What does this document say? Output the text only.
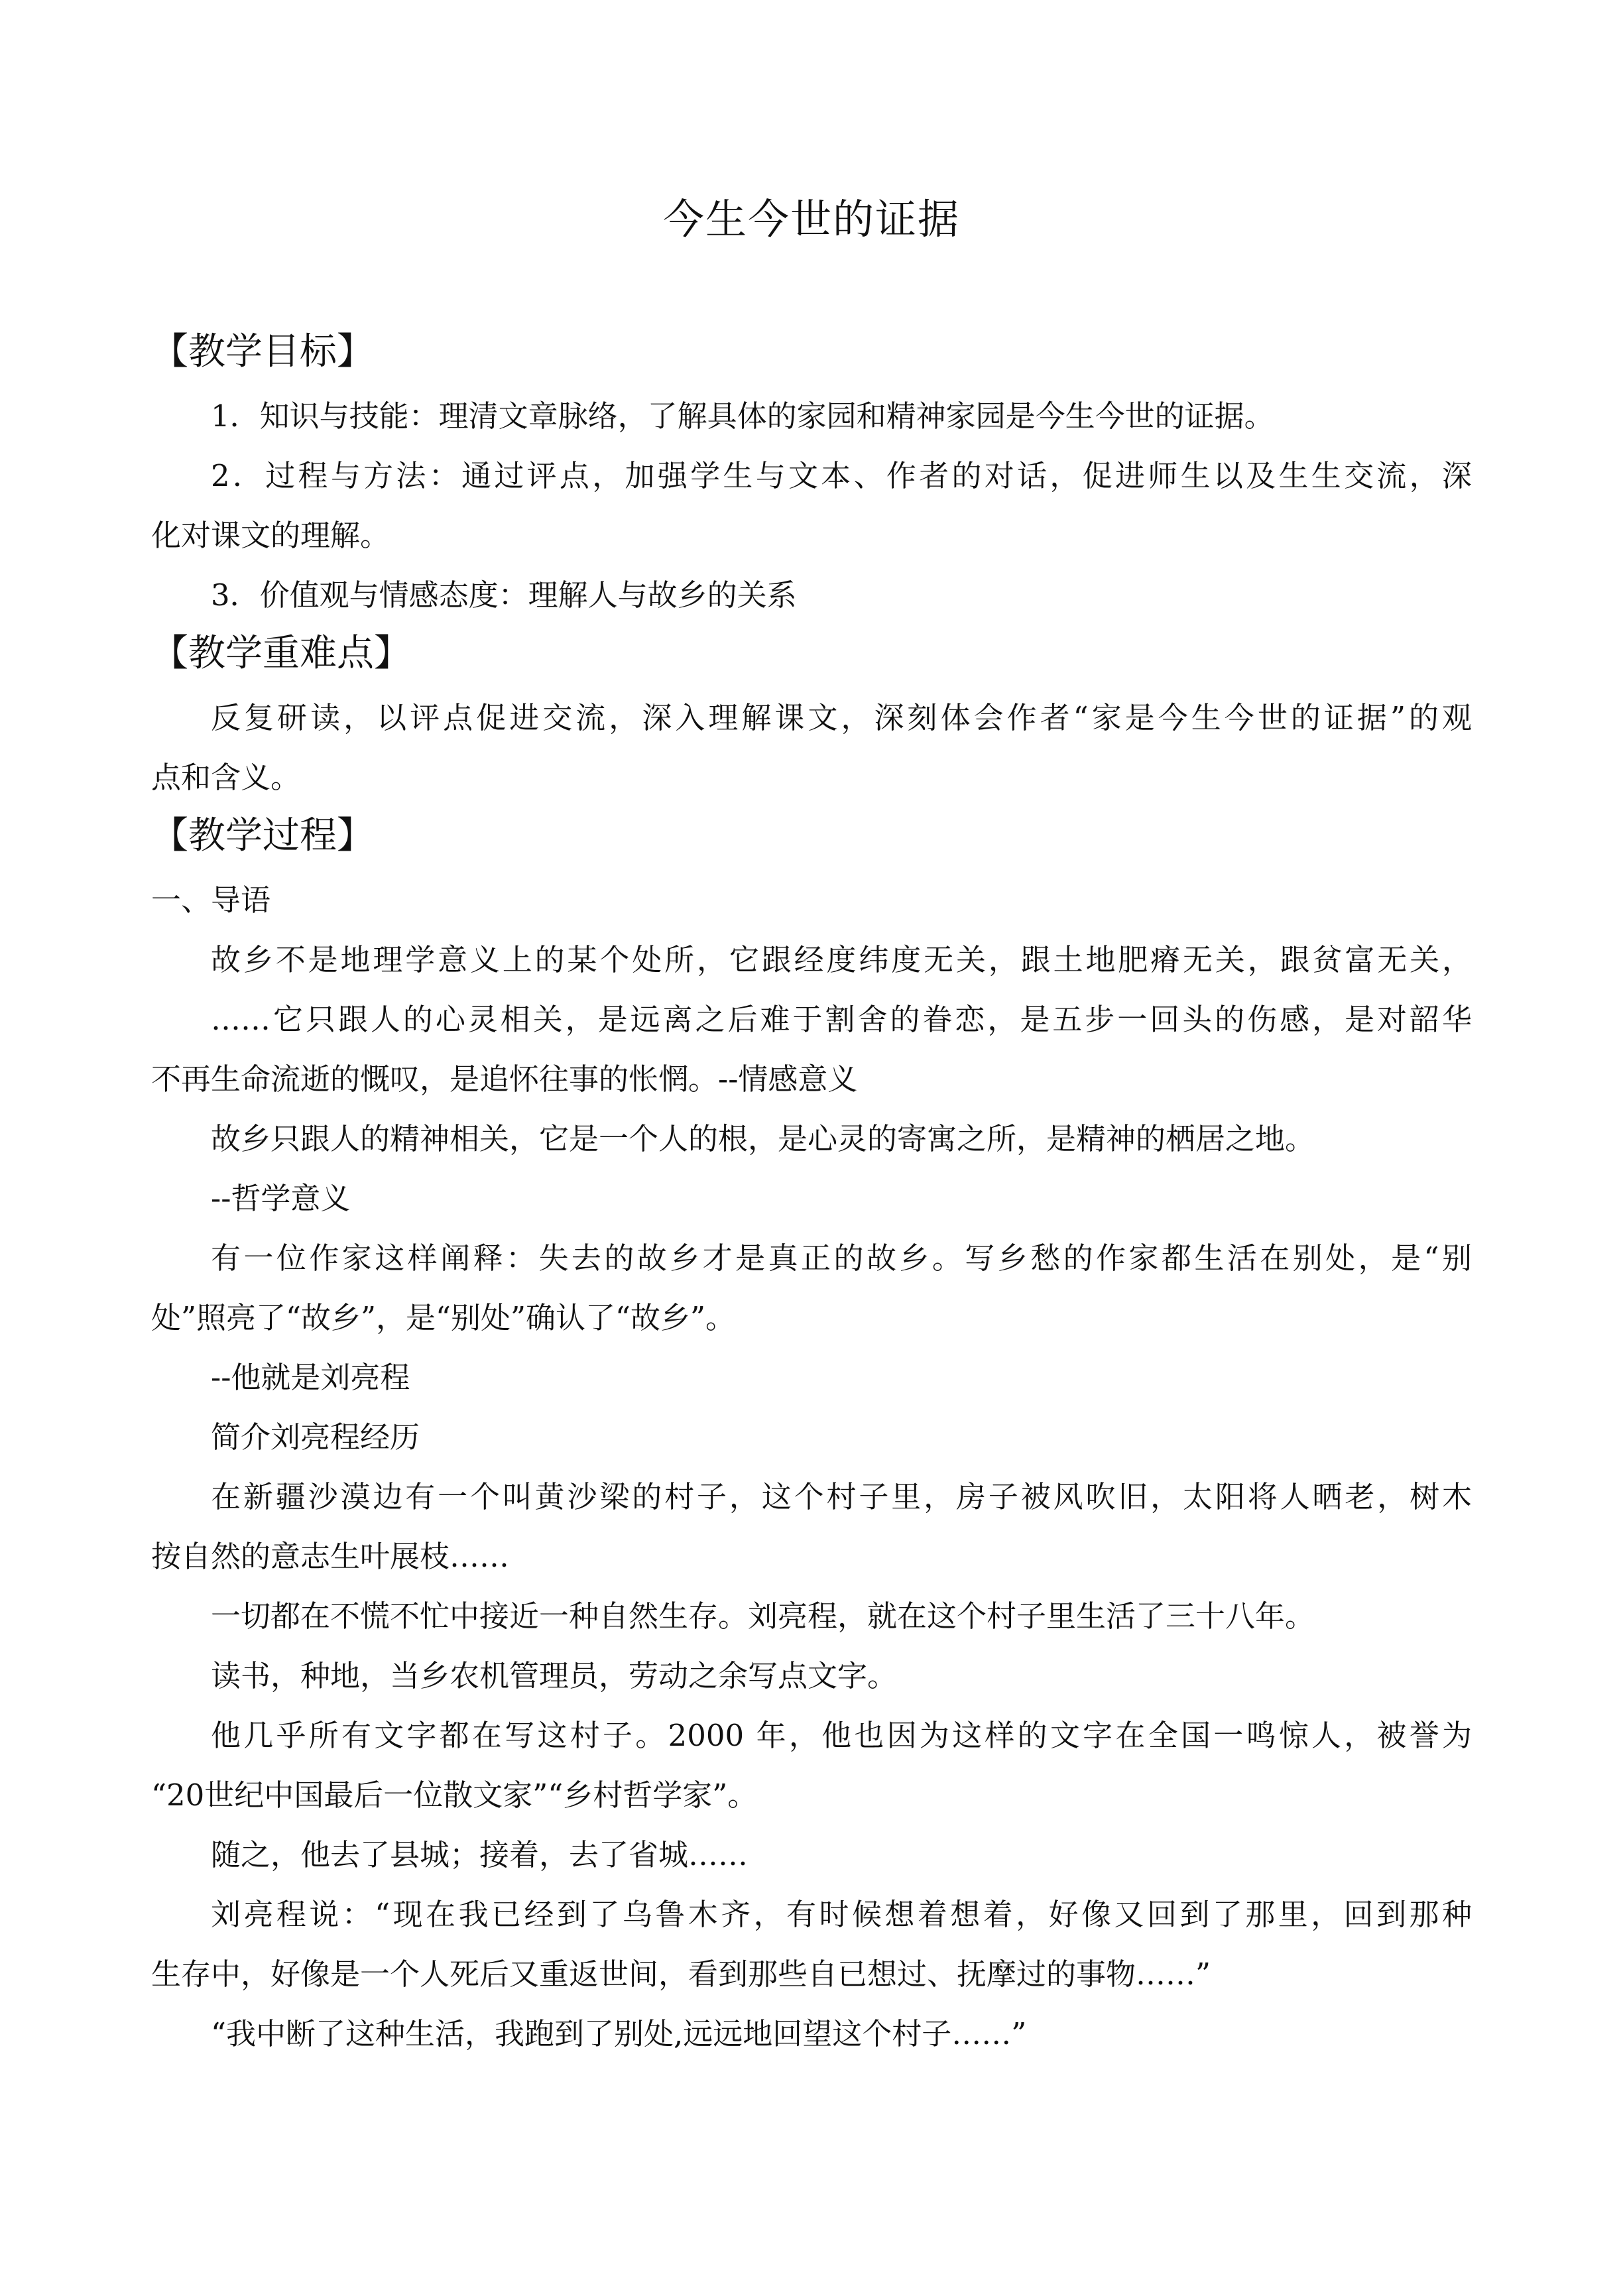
今生今世的证据
【教学目标】
1．知识与技能：理清文章脉络，了解具体的家园和精神家园是今生今世的证据。
2．过程与方法：通过评点，加强学生与文本、作者的对话，促进师生以及生生交流，深
化对课文的理解。
3．价值观与情感态度：理解人与故乡的关系
【教学重难点】
反复研读，以评点促进交流，深入理解课文，深刻体会作者“家是今生今世的证据”的观
点和含义。
【教学过程】
一、导语
故乡不是地理学意义上的某个处所，它跟经度纬度无关，跟土地肥瘠无关，跟贫富无关，
……它只跟人的心灵相关，是远离之后难于割舍的眷恋，是五步一回头的伤感，是对韶华
不再生命流逝的慨叹，是追怀往事的怅惘。--情感意义
故乡只跟人的精神相关，它是一个人的根，是心灵的寄寓之所，是精神的栖居之地。
--哲学意义
有一位作家这样阐释：失去的故乡才是真正的故乡。写乡愁的作家都生活在别处，是“别
处”照亮了“故乡”，是“别处”确认了“故乡”。
--他就是刘亮程
简介刘亮程经历
在新疆沙漠边有一个叫黄沙梁的村子，这个村子里，房子被风吹旧，太阳将人晒老，树木
按自然的意志生叶展枝……
一切都在不慌不忙中接近一种自然生存。刘亮程，就在这个村子里生活了三十八年。
读书，种地，当乡农机管理员，劳动之余写点文字。
他几乎所有文字都在写这村子。2000 年，他也因为这样的文字在全国一鸣惊人，被誉为
“20世纪中国最后一位散文家”“乡村哲学家”。
随之，他去了县城；接着，去了省城……
刘亮程说：“现在我已经到了乌鲁木齐，有时候想着想着，好像又回到了那里，回到那种
生存中，好像是一个人死后又重返世间，看到那些自已想过、抚摩过的事物……”
“我中断了这种生活，我跑到了别处,远远地回望这个村子……”
